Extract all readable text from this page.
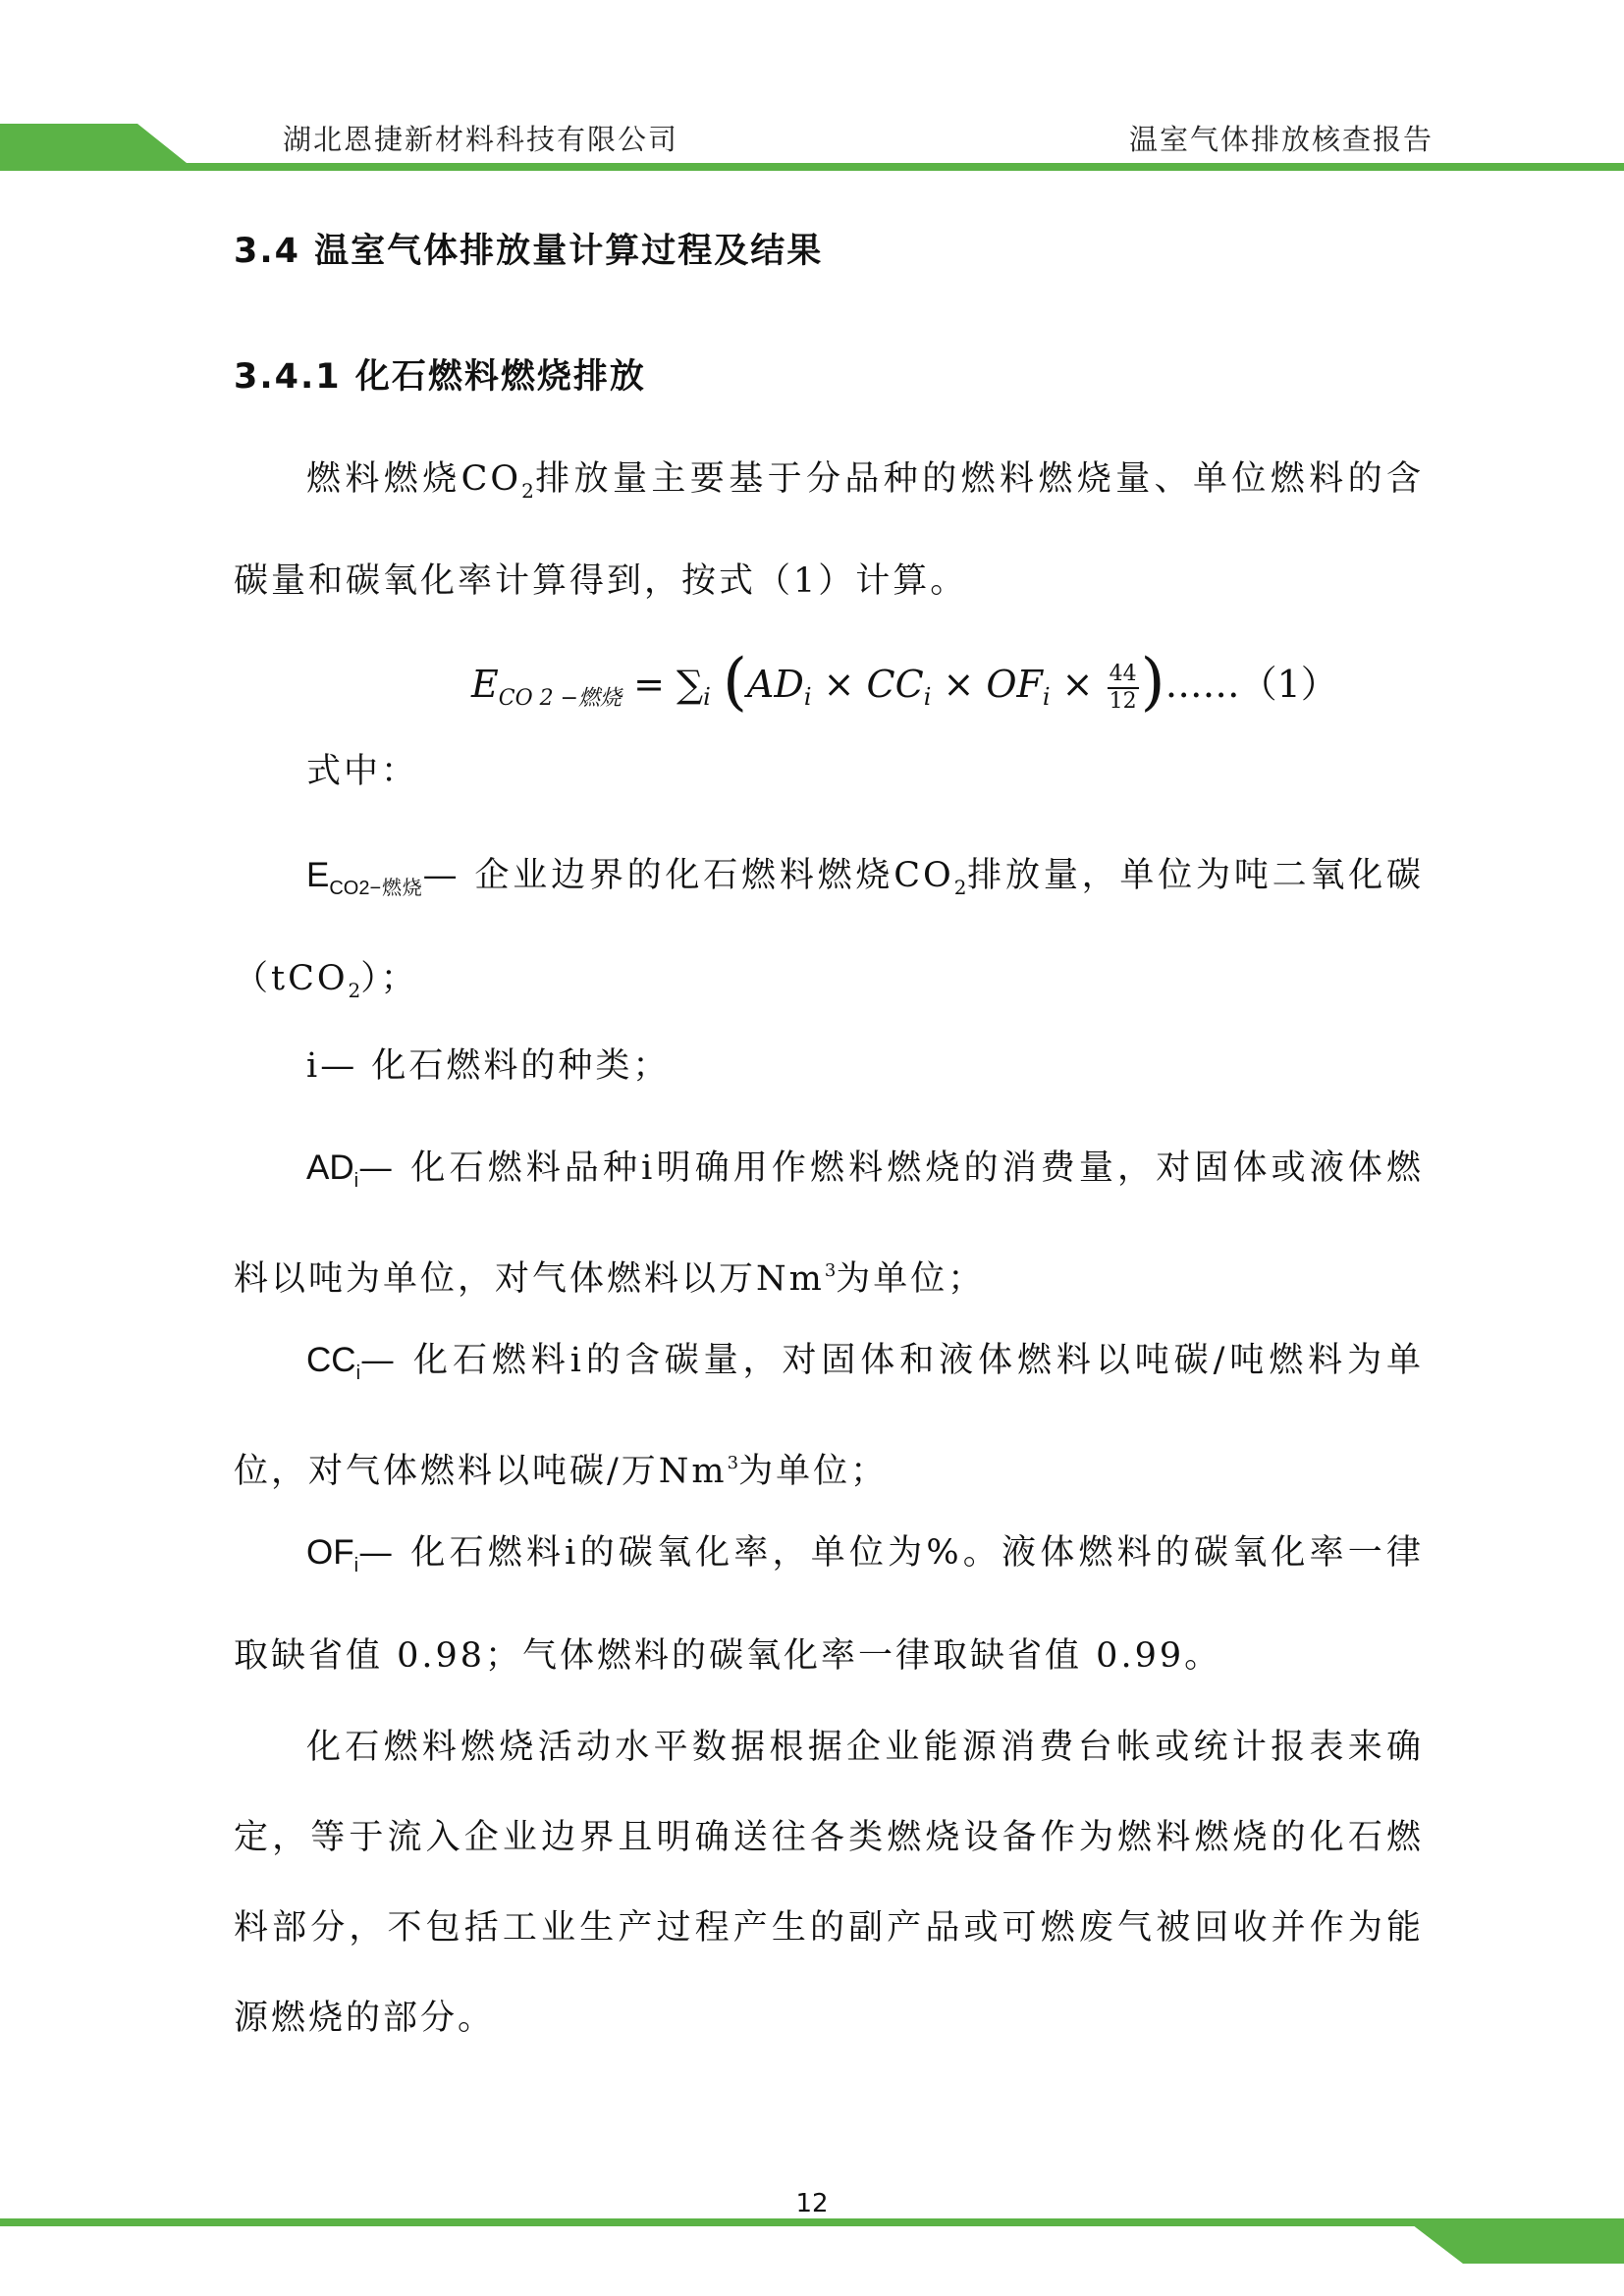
湖北恩捷新材料科技有限公司	温室气体排放核查报告
3.4 温室气体排放量计算过程及结果
3.4.1 化石燃料燃烧排放

燃料燃烧$CO_2$排放量主要基于分品种的燃料燃烧量、单位燃料的含碳量和碳氧化率计算得到，按式（1）计算。

$E_{CO 2 -燃烧} = \sum_i$ ($AD_i \times CC_i \times OF_i \times \frac{44}{12}$ )……（1）

式中：

$E_{CO2-燃烧}—$ 企业边界的化石燃料燃烧$CO_2$排放量，单位为吨二氧化碳（tCO$_2$）；

i— 化石燃料的种类；

$AD_i—$ 化石燃料品种i明确用作燃料燃烧的消费量，对固体或液体燃料以吨为单位，对气体燃料以万Nm$^3$为单位；

$CC_i—$ 化石燃料i的含碳量，对固体和液体燃料以吨碳/吨燃料为单位，对气体燃料以吨碳/万Nm$^3$为单位；

$OF_i—$ 化石燃料i的碳氧化率，单位为%。液体燃料的碳氧化率一律取缺省值 0.98；气体燃料的碳氧化率一律取缺省值 0.99。

化石燃料燃烧活动水平数据根据企业能源消费台帐或统计报表来确定，等于流入企业边界且明确送往各类燃烧设备作为燃料燃烧的化石燃料部分，不包括工业生产过程产生的副产品或可燃废气被回收并作为能源燃烧的部分。

12
